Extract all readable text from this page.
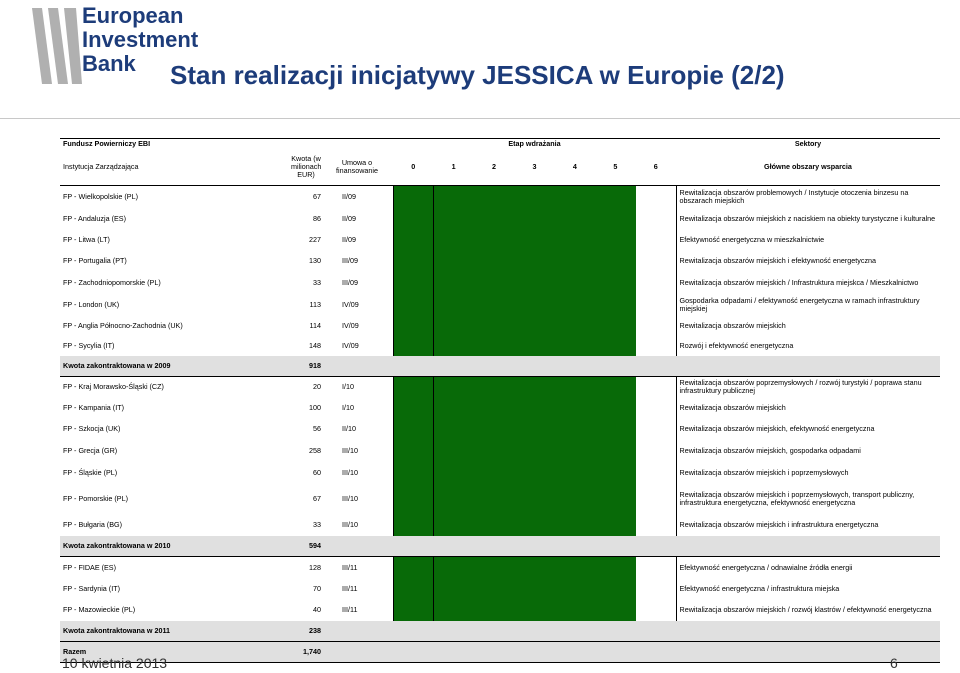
European
Investment
Bank	Stan realizacji inicjatywy JESSICA w Europie (2/2)
Fundusz Powierniczy EBI			Etap wdrażania							Sektory
Instytucja Zarządzająca	Kwota (w milionach EUR)	Umowa o finansowanie	0	1	2	3	4	5	6	Główne obszary wsparcia
FP - Wielkopolskie (PL)	67	II/09								Rewitalizacja obszarów problemowych / Instytucje otoczenia binzesu na obszarach miejskich
FP - Andaluzja (ES)	86	II/09								Rewitalizacja obszarów miejskich z naciskiem na obiekty turystyczne i kulturalne
FP - Litwa (LT)	227	II/09								Efektywność energetyczna w mieszkalnictwie
FP - Portugalia (PT)	130	III/09								Rewitalizacja obszarów miejskich i efektywność energetyczna
FP - Zachodniopomorskie (PL)	33	III/09								Rewitalizacja obszarów miejskich / Infrastruktura miejskca / Mieszkalnictwo
FP - London (UK)	113	IV/09								Gospodarka odpadami / efektywność energetyczna w ramach infrastruktury miejskiej
FP - Anglia Północno-Zachodnia (UK)	114	IV/09								Rewitalizacja obszarów miejskich
FP - Sycylia (IT)	148	IV/09								Rozwój i efektywność energetyczna
Kwota zakontraktowana w 2009	918									
FP - Kraj Morawsko-Śląski (CZ)	20	I/10								Rewitalizacja obszarów poprzemysłowych / rozwój turystyki / poprawa stanu infrastruktury publicznej
FP - Kampania (IT)	100	I/10								Rewitalizacja obszarów miejskich
FP - Szkocja (UK)	56	II/10								Rewitalizacja obszarów miejskich, efektywność energetyczna
FP - Grecja (GR)	258	III/10								Rewitalizacja obszarów miejskich, gospodarka odpadami
FP - Śląskie (PL)	60	III/10								Rewitalizacja obszarów miejskich i poprzemysłowych
FP - Pomorskie (PL)	67	III/10								Rewitalizacja obszarów miejskich i poprzemysłowych, transport publiczny, infrastruktura energetyczna, efektywność energetyczna
FP - Bułgaria (BG)	33	III/10								Rewitalizacja obszarów miejskich i infrastruktura energetyczna
Kwota zakontraktowana w 2010	594									
FP - FIDAE (ES)	128	III/11								Efektywność energetyczna / odnawialne źródła energii
FP - Sardynia (IT)	70	III/11								Efektywność energetyczna / infrastruktura miejska
FP - Mazowieckie (PL)	40	III/11								Rewitalizacja obszarów miejskich / rozwój klastrów / efektywność energetyczna
Kwota zakontraktowana w 2011	238									
Razem	1,740									
10 kwietnia 2013	6
